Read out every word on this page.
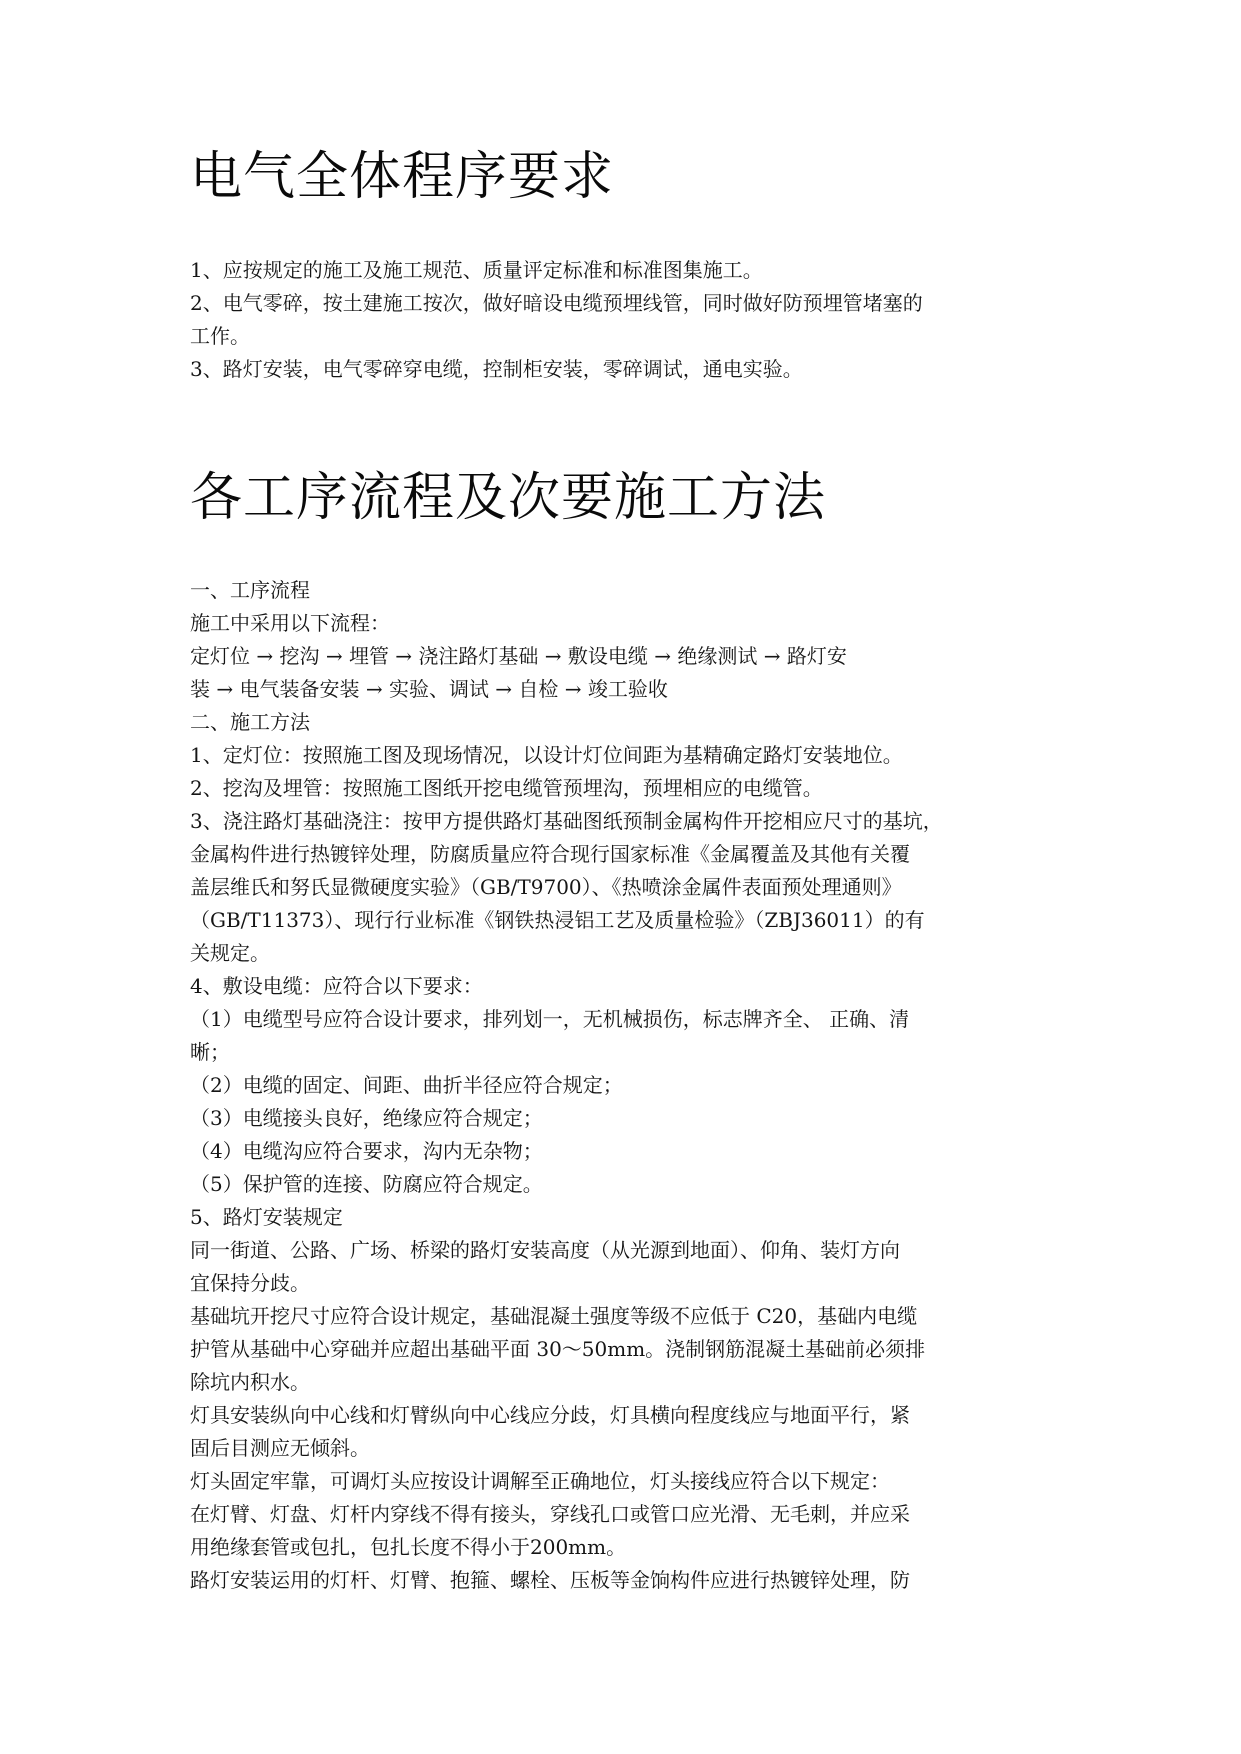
电气全体程序要求
1、应按规定的施工及施工规范、质量评定标准和标准图集施工。
2、电气零碎，按土建施工按次，做好暗设电缆预埋线管，同时做好防预埋管堵塞的
工作。
3、路灯安装，电气零碎穿电缆，控制柜安装，零碎调试，通电实验。
各工序流程及次要施工方法
一、工序流程
施工中采用以下流程：
定灯位 → 挖沟 → 埋管 → 浇注路灯基础 → 敷设电缆 → 绝缘测试 → 路灯安
装 → 电气装备安装 → 实验、调试 → 自检 → 竣工验收
二、施工方法
1、定灯位：按照施工图及现场情况，以设计灯位间距为基精确定路灯安装地位。
2、挖沟及埋管：按照施工图纸开挖电缆管预埋沟，预埋相应的电缆管。
3、浇注路灯基础浇注：按甲方提供路灯基础图纸预制金属构件开挖相应尺寸的基坑，
金属构件进行热镀锌处理，防腐质量应符合现行国家标准《金属覆盖及其他有关覆
盖层维氏和努氏显微硬度实验》（GB/T9700）、《热喷涂金属件表面预处理通则》
（GB/T11373）、现行行业标准《钢铁热浸铝工艺及质量检验》（ZBJ36011）的有
关规定。
4、敷设电缆：应符合以下要求：
（1）电缆型号应符合设计要求，排列划一，无机械损伤，标志牌齐全、 正确、清
晰；
（2）电缆的固定、间距、曲折半径应符合规定；
（3）电缆接头良好，绝缘应符合规定；
（4）电缆沟应符合要求，沟内无杂物；
（5）保护管的连接、防腐应符合规定。
5、路灯安装规定
同一街道、公路、广场、桥梁的路灯安装高度（从光源到地面）、仰角、装灯方向
宜保持分歧。
基础坑开挖尺寸应符合设计规定，基础混凝土强度等级不应低于 C20，基础内电缆
护管从基础中心穿础并应超出基础平面 30～50mm。浇制钢筋混凝土基础前必须排
除坑内积水。
灯具安装纵向中心线和灯臂纵向中心线应分歧，灯具横向程度线应与地面平行，紧
固后目测应无倾斜。
灯头固定牢靠，可调灯头应按设计调解至正确地位，灯头接线应符合以下规定：
在灯臂、灯盘、灯杆内穿线不得有接头，穿线孔口或管口应光滑、无毛刺，并应采
用绝缘套管或包扎，包扎长度不得小于200mm。
路灯安装运用的灯杆、灯臂、抱箍、螺栓、压板等金饷构件应进行热镀锌处理，防
